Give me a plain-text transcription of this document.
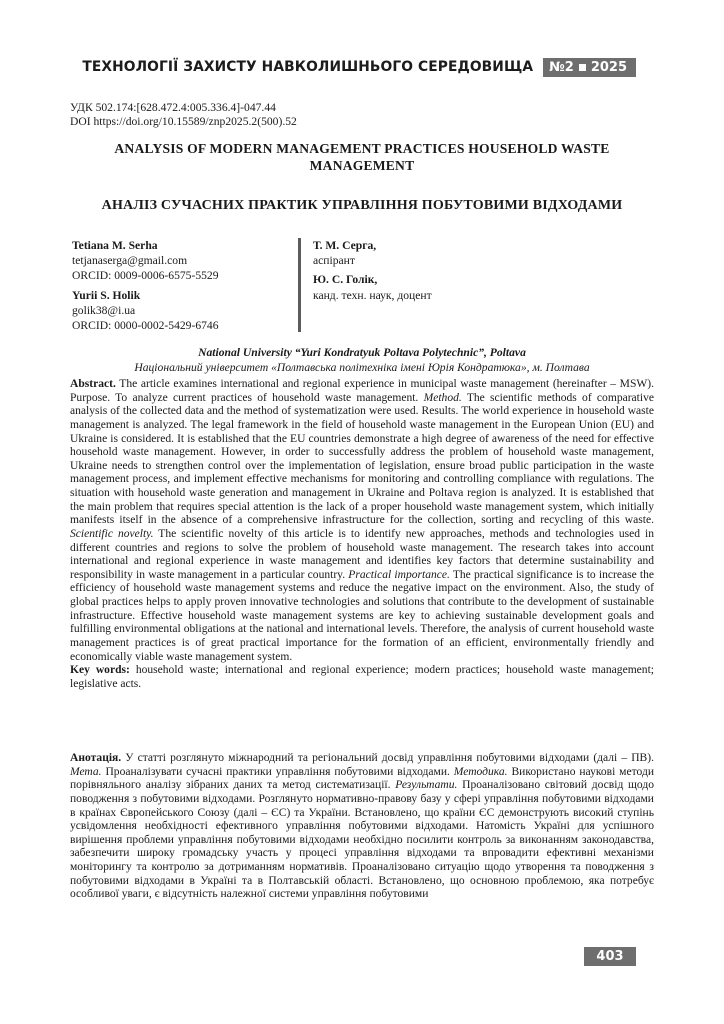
ТЕХНОЛОГІЇ ЗАХИСТУ НАВКОЛИШНЬОГО СЕРЕДОВИЩА №2 2025
УДК 502.174:[628.472.4:005.336.4]-047.44
DOI https://doi.org/10.15589/znp2025.2(500).52
ANALYSIS OF MODERN MANAGEMENT PRACTICES HOUSEHOLD WASTE MANAGEMENT
АНАЛІЗ СУЧАСНИХ ПРАКТИК УПРАВЛІННЯ ПОБУТОВИМИ ВІДХОДАМИ
Tetiana M. Serha
tetjanaserga@gmail.com
ORCID: 0009-0006-6575-5529
Yurii S. Holik
golik38@i.ua
ORCID: 0000-0002-5429-6746
Т. М. Серга,
аспірант
Ю. С. Голік,
канд. техн. наук, доцент
National University “Yuri Kondratyuk Poltava Polytechnic”, Poltava
Національний університет «Полтавська політехніка імені Юрія Кондратюка», м. Полтава

Abstract. The article examines international and regional experience in municipal waste management (hereinafter – MSW). Purpose. To analyze current practices of household waste management. Method. The scientific methods of comparative analysis of the collected data and the method of systematization were used. Results. The world experience in household waste management is analyzed. The legal framework in the field of household waste management in the European Union (EU) and Ukraine is considered. It is established that the EU countries demonstrate a high degree of awareness of the need for effective household waste management. However, in order to successfully address the problem of household waste management, Ukraine needs to strengthen control over the implementation of legislation, ensure broad public participation in the waste management process, and implement effective mechanisms for monitoring and controlling compliance with regulations. The situation with household waste generation and management in Ukraine and Poltava region is analyzed. It is established that the main problem that requires special attention is the lack of a proper household waste management system, which initially manifests itself in the absence of a comprehensive infrastructure for the collection, sorting and recycling of this waste. Scientific novelty. The scientific novelty of this article is to identify new approaches, methods and technologies used in different countries and regions to solve the problem of household waste management. The research takes into account international and regional experience in waste management and identifies key factors that determine sustainability and responsibility in waste management in a particular country. Practical importance. The practical significance is to increase the efficiency of household waste management systems and reduce the negative impact on the environment. Also, the study of global practices helps to apply proven innovative technologies and solutions that contribute to the development of sustainable infrastructure. Effective household waste management systems are key to achieving sustainable development goals and fulfilling environmental obligations at the national and international levels. Therefore, the analysis of current household waste management practices is of great practical importance for the formation of an efficient, environmentally friendly and economically viable waste management system.

Key words: household waste; international and regional experience; modern practices; household waste management; legislative acts.

Анотація. У статті розглянуто міжнародний та регіональний досвід управління побутовими відходами (далі – ПВ). Мета. Проаналізувати сучасні практики управління побутовими відходами. Методика. Використано наукові методи порівняльного аналізу зібраних даних та метод систематизації. Результати. Проаналізовано світовий досвід щодо поводження з побутовими відходами. Розглянуто нормативно-правову базу у сфері управління побутовими відходами в країнах Європейського Союзу (далі – ЄС) та України. Встановлено, що країни ЄС демонструють високий ступінь усвідомлення необхідності ефективного управління побутовими відходами. Натомість Україні для успішного вирішення проблеми управління побутовими відходами необхідно посилити контроль за виконанням законодавства, забезпечити широку громадську участь у процесі управління відходами та впровадити ефективні механізми моніторингу та контролю за дотриманням нормативів. Проаналізовано ситуацію щодо утворення та поводження з побутовими відходами в Україні та в Полтавській області. Встановлено, що основною проблемою, яка потребує особливої уваги, є відсутність належної системи управління побутовими

403
